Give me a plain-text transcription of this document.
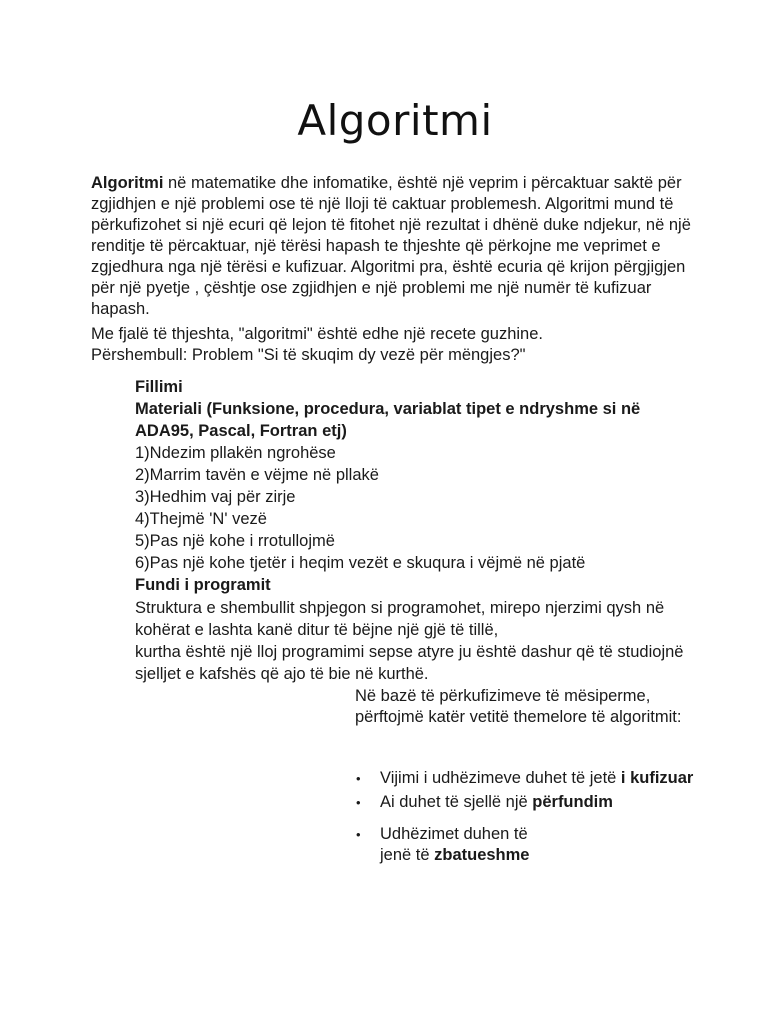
Algoritmi

Algoritmi në matematike dhe infomatike, është një veprim i përcaktuar saktë për zgjidhjen e një problemi ose të një lloji të caktuar problemesh. Algoritmi mund të përkufizohet si një ecuri që lejon të fitohet një rezultat i dhënë duke ndjekur, në një renditje të përcaktuar, një tërësi hapash te thjeshte që përkojne me veprimet e zgjedhura nga një tërësi e kufizuar. Algoritmi pra, është ecuria që krijon përgjigjen për një pyetje , çështje ose zgjidhjen e një problemi me një numër të kufizuar hapash.

Me fjalë të thjeshta, "algoritmi" është edhe një recete guzhine.
Përshembull: Problem "Si të skuqim dy vezë për mëngjes?"

Fillimi
Materiali (Funksione, procedura, variablat tipet e ndryshme si në ADA95, Pascal, Fortran etj)
1)Ndezim pllakën ngrohëse
2)Marrim tavën e vëjme në pllakë
3)Hedhim vaj për zirje
4)Thejmë 'N' vezë
5)Pas një kohe i rrotullojmë
6)Pas një kohe tjetër i heqim vezët e skuqura i vëjmë në pjatë
Fundi i programit
Struktura e shembullit shpjegon si programohet, mirepo njerzimi qysh në kohërat e lashta kanë ditur të bëjne një gjë të tillë,
kurtha është një lloj programimi sepse atyre ju është dashur që të studiojnë sjelljet e kafshës që ajo të bie në kurthë.
Në bazë të përkufizimeve të mësiperme, përftojmë katër vetitë themelore të algoritmit:
• Vijimi i udhëzimeve duhet të jetë i kufizuar
• Ai duhet të sjellë një përfundim
• Udhëzimet duhen të jenë të zbatueshme
